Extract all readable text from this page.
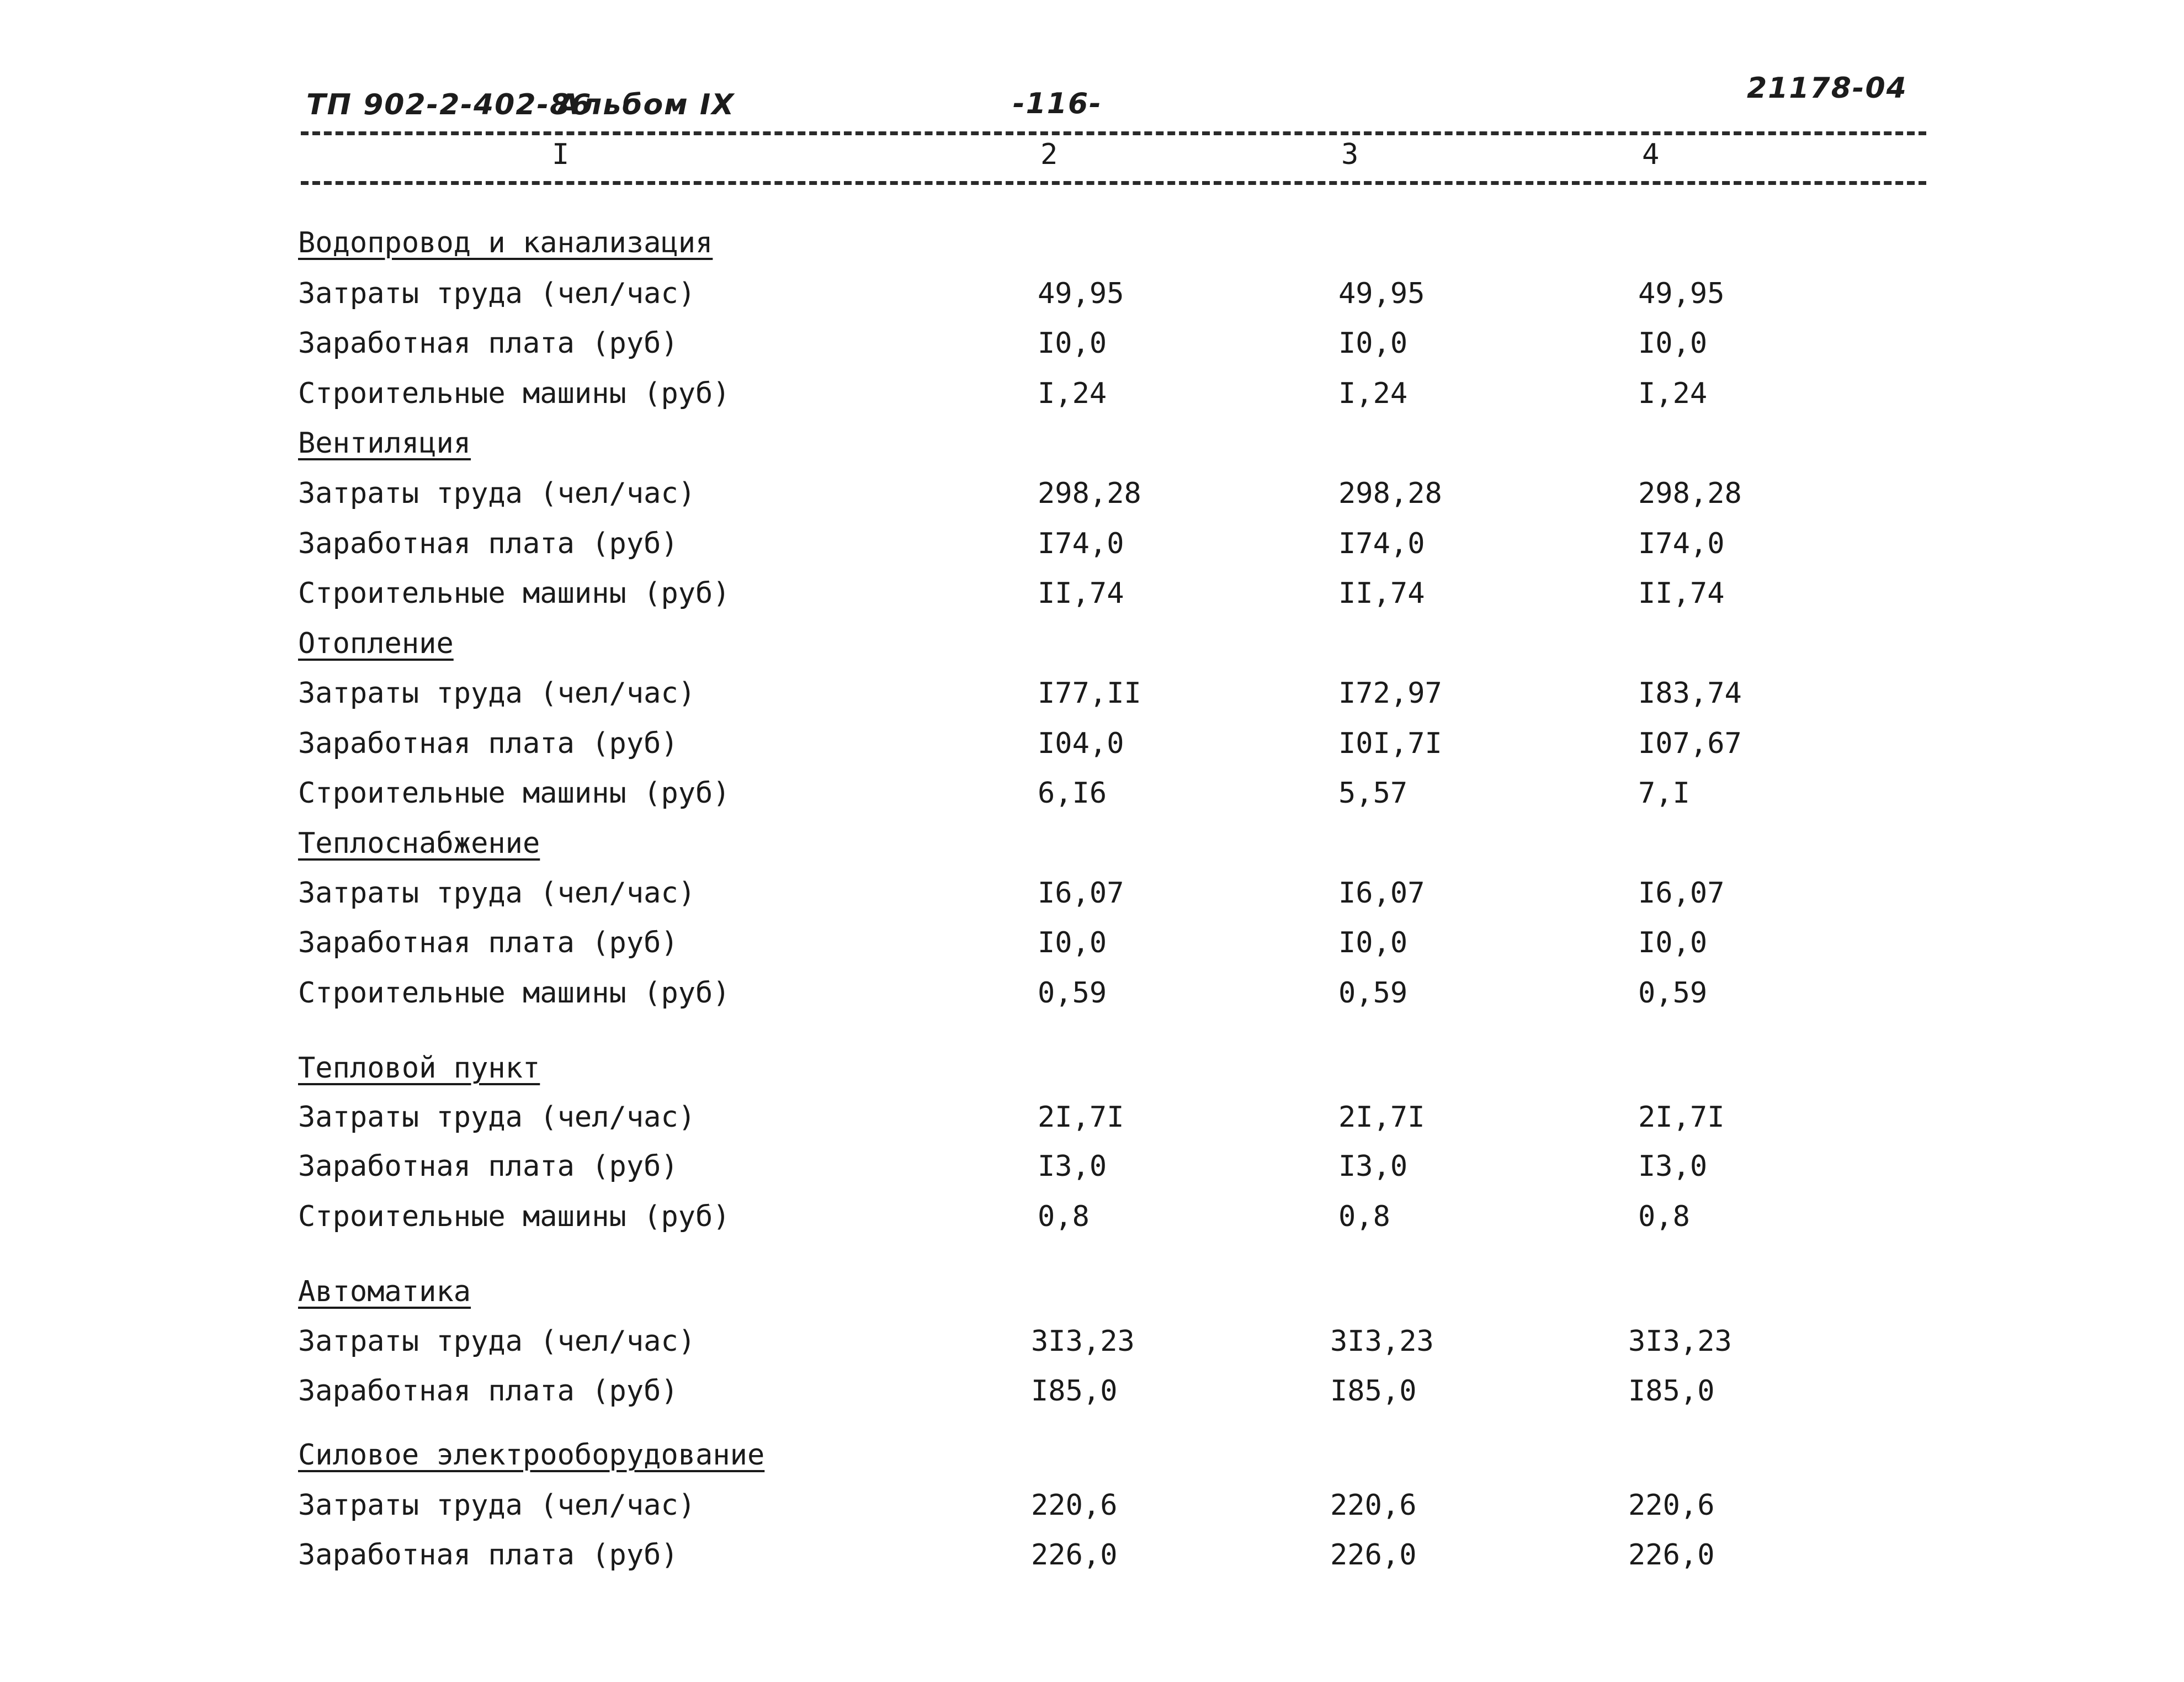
ТП 902-2-402-86
Альбом IX	-116-	21178-04
I	2	3	4
Водопровод и канализация
Затраты труда (чел/час)	49,95	49,95	49,95
Заработная плата (руб)	I0,0	I0,0	I0,0
Строительные машины (руб)	I,24	I,24	I,24
Вентиляция
Затраты труда (чел/час)	298,28	298,28	298,28
Заработная плата (руб)	I74,0	I74,0	I74,0
Строительные машины (руб)	II,74	II,74	II,74
Отопление
Затраты труда (чел/час)	I77,II	I72,97	I83,74
Заработная плата (руб)	I04,0	I0I,7I	I07,67
Строительные машины (руб)	6,I6	5,57	7,I
Теплоснабжение
Затраты труда (чел/час)	I6,07	I6,07	I6,07
Заработная плата (руб)	I0,0	I0,0	I0,0
Строительные машины (руб)	0,59	0,59	0,59
Тепловой пункт
Затраты труда (чел/час)	2I,7I	2I,7I	2I,7I
Заработная плата (руб)	I3,0	I3,0	I3,0
Строительные машины (руб)	0,8	0,8	0,8
Автоматика
Затраты труда (чел/час)	3I3,23	3I3,23	3I3,23
Заработная плата (руб)	I85,0	I85,0	I85,0
Силовое электрооборудование
Затраты труда (чел/час)	220,6	220,6	220,6
Заработная плата (руб)	226,0	226,0	226,0
